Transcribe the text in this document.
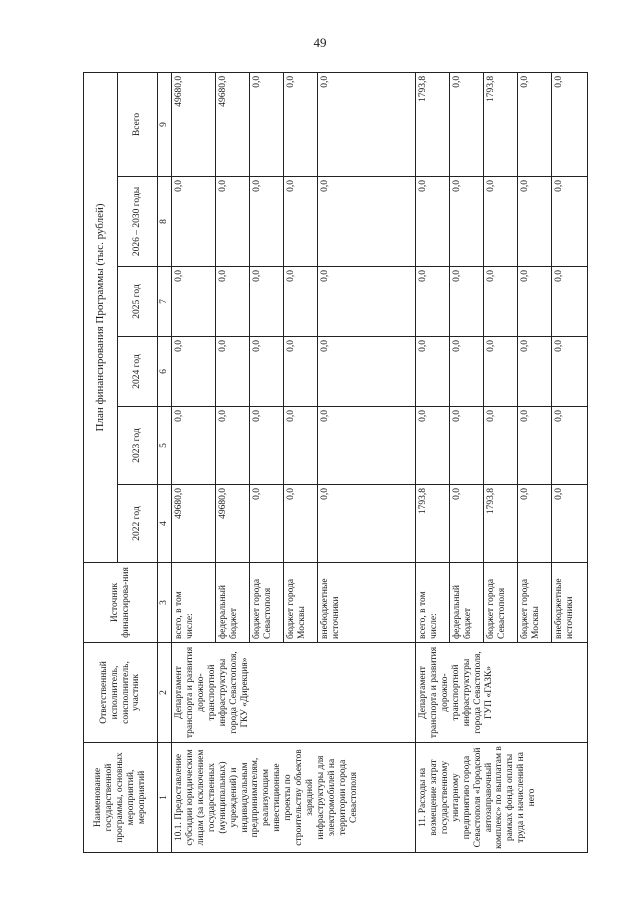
49
Наименование государственной программы, основных мероприятий, мероприятий	Ответственный исполнитель, соисполнитель, участник	Источник финансирова-ния	План финансирования Программы (тыс. рублей)					
			2022 год	2023 год	2024 год	2025 год	2026 – 2030 годы	Всего
1	2	3	4	5	6	7	8	9
10.1. Предоставление субсидии юридическим лицам (за исключением государственных (муниципальных) учреждений) и индивидуальным предпринимателям, реализующим инвестиционные проекты по строительству объектов зарядной инфраструктуры для электромобилей на территории города Севастополя	Департамент транспорта и развития дорожно-транспортной инфраструктуры города Севастополя, ГКУ «Дирекция»	всего, в том числе:	49680,0	0,0	0,0	0,0	0,0	49680,0
		федеральный бюджет	49680,0	0,0	0,0	0,0	0,0	49680,0
		бюджет города Севастополя	0,0	0,0	0,0	0,0	0,0	0,0
		бюджет города Москвы	0,0	0,0	0,0	0,0	0,0	0,0
		внебюджетные источники	0,0	0,0	0,0	0,0	0,0	0,0
11. Расходы на возмещение затрат государственному унитарному предприятию города Севастополя «Городской автозаправочный комплекс» по выплатам в рамках фонда оплаты труда и начислений на него	Департамент транспорта и развития дорожно-транспортной инфраструктуры города Севастополя, ГУП «ГАЗК»	всего, в том числе:	1793,8	0,0	0,0	0,0	0,0	1793,8
		федеральный бюджет	0,0	0,0	0,0	0,0	0,0	0,0
		бюджет города Севастополя	1793,8	0,0	0,0	0,0	0,0	1793,8
		бюджет города Москвы	0,0	0,0	0,0	0,0	0,0	0,0
		внебюджетные источники	0,0	0,0	0,0	0,0	0,0	0,0
